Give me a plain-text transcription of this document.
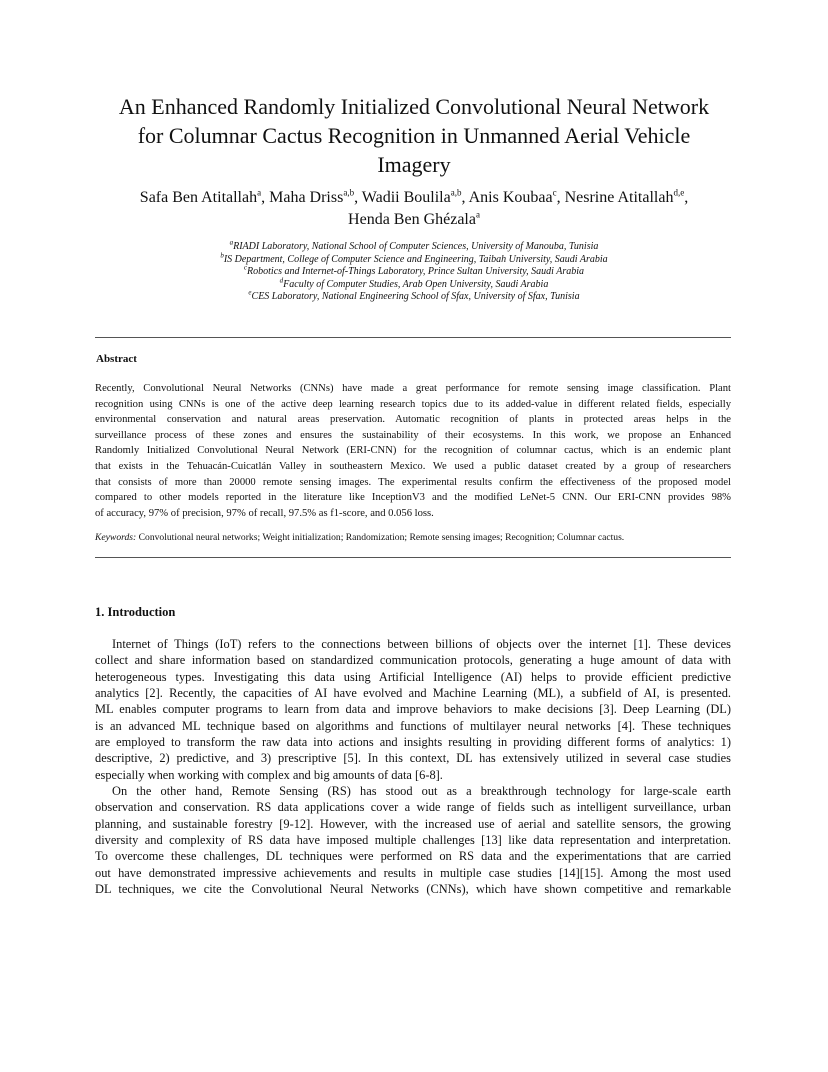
An Enhanced Randomly Initialized Convolutional Neural Network
for Columnar Cactus Recognition in Unmanned Aerial Vehicle
Imagery
Safa Ben Atitallah$^a$, Maha Driss$^{a,b}$, Wadii Boulila$^{a,b}$, Anis Koubaa$^c$, Nesrine Atitallah$^{d,e}$,
Henda Ben Ghézala$^a$
$^a$RIADI Laboratory, National School of Computer Sciences, University of Manouba, Tunisia
$^b$IS Department, College of Computer Science and Engineering, Taibah University, Saudi Arabia
$^c$Robotics and Internet-of-Things Laboratory, Prince Sultan University, Saudi Arabia
$^d$Faculty of Computer Studies, Arab Open University, Saudi Arabia
$^e$CES Laboratory, National Engineering School of Sfax, University of Sfax, Tunisia
Abstract
Recently, Convolutional Neural Networks (CNNs) have made a great performance for remote sensing image classification. Plant
recognition using CNNs is one of the active deep learning research topics due to its added-value in different related fields, especially
environmental conservation and natural areas preservation. Automatic recognition of plants in protected areas helps in the
surveillance process of these zones and ensures the sustainability of their ecosystems. In this work, we propose an Enhanced
Randomly Initialized Convolutional Neural Network (ERI-CNN) for the recognition of columnar cactus, which is an endemic plant
that exists in the Tehuacán-Cuicatlán Valley in southeastern Mexico. We used a public dataset created by a group of researchers
that consists of more than 20000 remote sensing images. The experimental results confirm the effectiveness of the proposed model
compared to other models reported in the literature like InceptionV3 and the modified LeNet-5 CNN. Our ERI-CNN provides 98%
of accuracy, 97% of precision, 97% of recall, 97.5% as f1-score, and 0.056 loss.
Keywords: Convolutional neural networks; Weight initialization; Randomization; Remote sensing images; Recognition; Columnar cactus.
1. Introduction
Internet of Things (IoT) refers to the connections between billions of objects over the internet [1]. These devices
collect and share information based on standardized communication protocols, generating a huge amount of data with
heterogeneous types. Investigating this data using Artificial Intelligence (AI) helps to provide efficient predictive
analytics [2]. Recently, the capacities of AI have evolved and Machine Learning (ML), a subfield of AI, is presented.
ML enables computer programs to learn from data and improve behaviors to make decisions [3]. Deep Learning (DL)
is an advanced ML technique based on algorithms and functions of multilayer neural networks [4]. These techniques
are employed to transform the raw data into actions and insights resulting in providing different forms of analytics: 1)
descriptive, 2) predictive, and 3) prescriptive [5]. In this context, DL has extensively utilized in several case studies
especially when working with complex and big amounts of data [6-8].
On the other hand, Remote Sensing (RS) has stood out as a breakthrough technology for large-scale earth
observation and conservation. RS data applications cover a wide range of fields such as intelligent surveillance, urban
planning, and sustainable forestry [9-12]. However, with the increased use of aerial and satellite sensors, the growing
diversity and complexity of RS data have imposed multiple challenges [13] like data representation and interpretation.
To overcome these challenges, DL techniques were performed on RS data and the experimentations that are carried
out have demonstrated impressive achievements and results in multiple case studies [14][15]. Among the most used
DL techniques, we cite the Convolutional Neural Networks (CNNs), which have shown competitive and remarkable
